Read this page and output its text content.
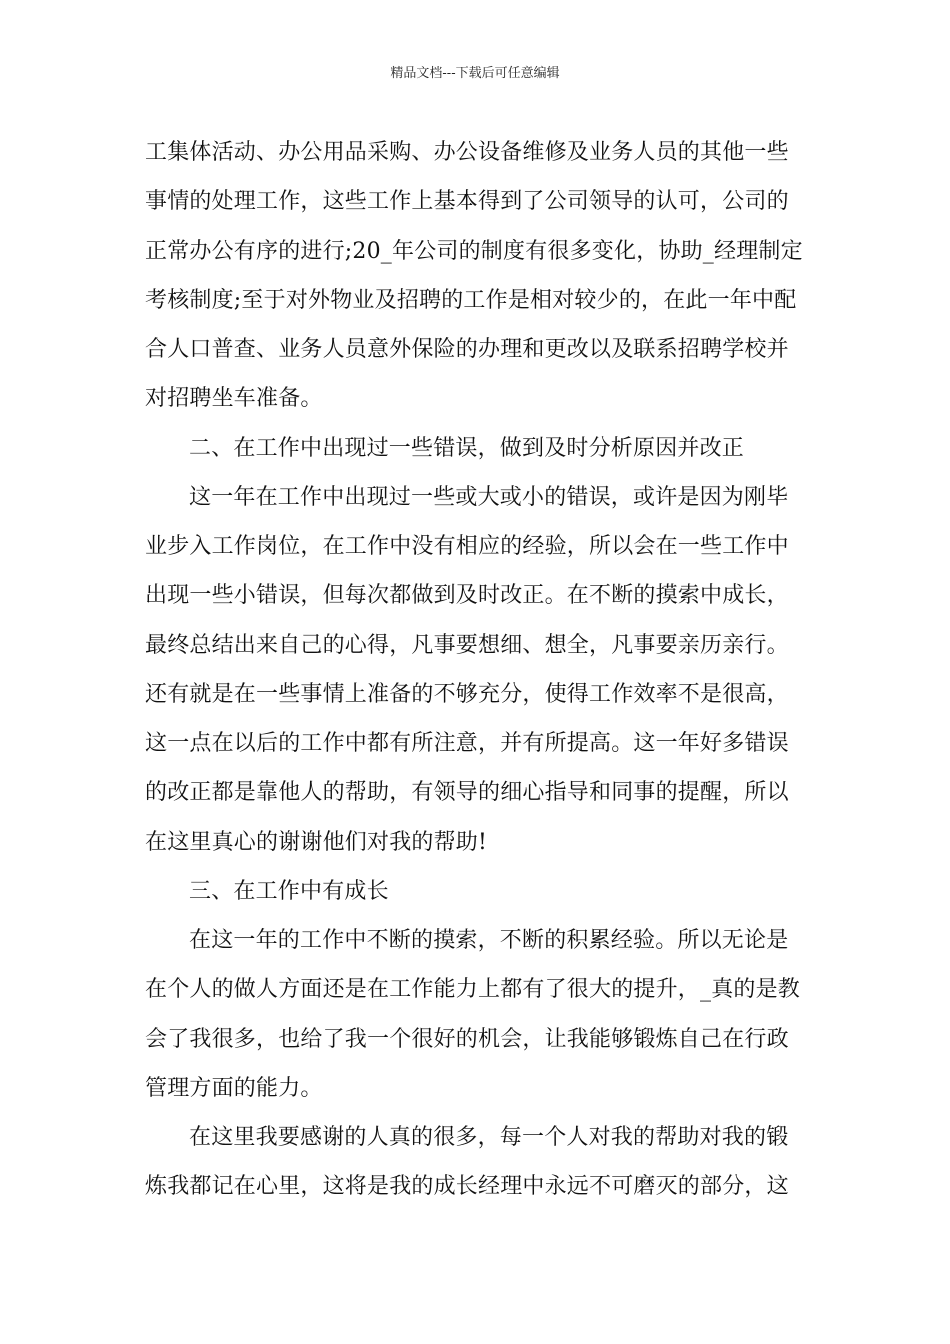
精品文档---下载后可任意编辑
工集体活动、办公用品采购、办公设备维修及业务人员的其他一些
事情的处理工作，这些工作上基本得到了公司领导的认可，公司的
正常办公有序的进行;20_年公司的制度有很多变化，协助_经理制定
考核制度;至于对外物业及招聘的工作是相对较少的，在此一年中配
合人口普查、业务人员意外保险的办理和更改以及联系招聘学校并
对招聘坐车准备。
二、在工作中出现过一些错误，做到及时分析原因并改正
这一年在工作中出现过一些或大或小的错误，或许是因为刚毕
业步入工作岗位，在工作中没有相应的经验，所以会在一些工作中
出现一些小错误，但每次都做到及时改正。在不断的摸索中成长，
最终总结出来自己的心得，凡事要想细、想全，凡事要亲历亲行。
还有就是在一些事情上准备的不够充分，使得工作效率不是很高，
这一点在以后的工作中都有所注意，并有所提高。这一年好多错误
的改正都是靠他人的帮助，有领导的细心指导和同事的提醒，所以
在这里真心的谢谢他们对我的帮助!
三、在工作中有成长
在这一年的工作中不断的摸索，不断的积累经验。所以无论是
在个人的做人方面还是在工作能力上都有了很大的提升，_真的是教
会了我很多，也给了我一个很好的机会，让我能够锻炼自己在行政
管理方面的能力。
在这里我要感谢的人真的很多，每一个人对我的帮助对我的锻
炼我都记在心里，这将是我的成长经理中永远不可磨灭的部分，这
